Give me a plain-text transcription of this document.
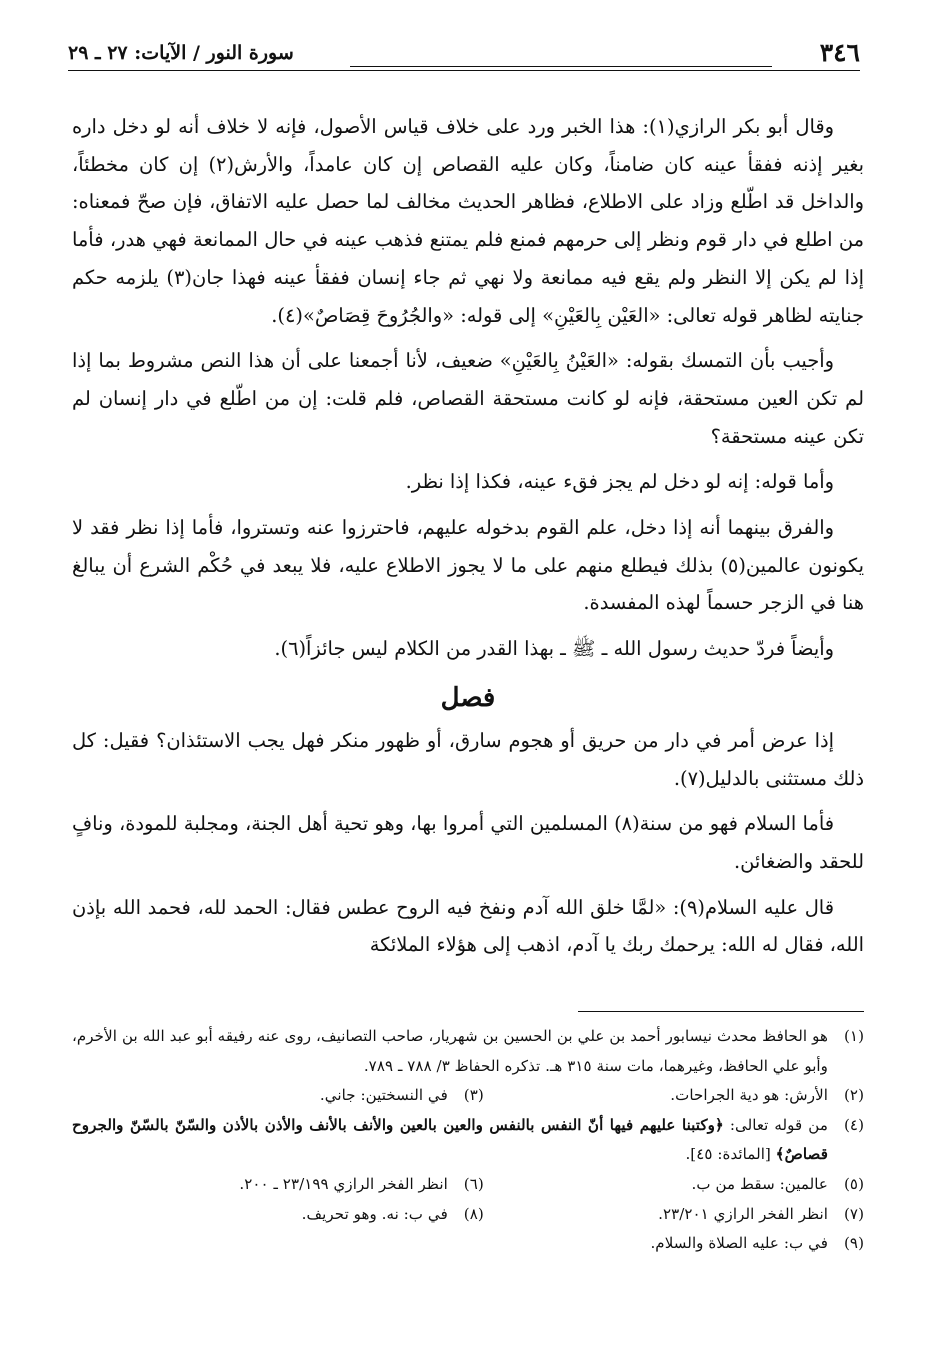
٣٤٦
سورة النور / الآيات: ٢٧ ـ ٢٩

وقال أبو بكر الرازي(١): هذا الخبر ورد على خلاف قياس الأصول، فإنه لا خلاف أنه لو دخل داره بغير إذنه ففقأ عينه كان ضامناً، وكان عليه القصاص إن كان عامداً، والأرش(٢) إن كان مخطئاً، والداخل قد اطّلع وزاد على الاطلاع، فظاهر الحديث مخالف لما حصل عليه الاتفاق، فإن صحّ فمعناه: من اطلع في دار قوم ونظر إلى حرمهم فمنع فلم يمتنع فذهب عينه في حال الممانعة فهي هدر، فأما إذا لم يكن إلا النظر ولم يقع فيه ممانعة ولا نهي ثم جاء إنسان ففقأ عينه فهذا جان(٣) يلزمه حكم جنايته لظاهر قوله تعالى: «العَيْن بِالعَيْنِ» إلى قوله: «والجُرُوحَ قِصَاصٌ»(٤).

وأجيب بأن التمسك بقوله: «العَيْنُ بِالعَيْنِ» ضعيف، لأنا أجمعنا على أن هذا النص مشروط بما إذا لم تكن العين مستحقة، فإنه لو كانت مستحقة القصاص، فلم قلت: إن من اطّلع في دار إنسان لم تكن عينه مستحقة؟

وأما قوله: إنه لو دخل لم يجز فقء عينه، فكذا إذا نظر.

والفرق بينهما أنه إذا دخل، علم القوم بدخوله عليهم، فاحترزوا عنه وتستروا، فأما إذا نظر فقد لا يكونون عالمين(٥) بذلك فيطلع منهم على ما لا يجوز الاطلاع عليه، فلا يبعد في حُكْم الشرع أن يبالغ هنا في الزجر حسماً لهذه المفسدة.

وأيضاً فردّ حديث رسول الله ـ ﷺ ـ بهذا القدر من الكلام ليس جائزاً(٦).

فصل

إذا عرض أمر في دار من حريق أو هجوم سارق، أو ظهور منكر فهل يجب الاستئذان؟ فقيل: كل ذلك مستثنى بالدليل(٧).

فأما السلام فهو من سنة(٨) المسلمين التي أمروا بها، وهو تحية أهل الجنة، ومجلبة للمودة، ونافٍ للحقد والضغائن.

قال عليه السلام(٩): «لمَّا خلق الله آدم ونفخ فيه الروح عطس فقال: الحمد لله، فحمد الله بإذن الله، فقال له الله: يرحمك ربك يا آدم، اذهب إلى هؤلاء الملائكة

(١)
هو الحافظ محدث نيسابور أحمد بن علي بن الحسين بن شهريار، صاحب التصانيف، روى عنه رفيقه أبو عبد الله بن الأخرم، وأبو علي الحافظ، وغيرهما، مات سنة ٣١٥ هـ. تذكره الحفاظ ٣/ ٧٨٨ ـ ٧٨٩.
(٢)
الأرش: هو دية الجراحات.
(٣)
في النسختين: جاني.
(٤)
من قوله تعالى: ﴿وكتبنا عليهم فيها أنّ النفس بالنفس والعين بالعين والأنف بالأنف والأذن بالأذن والسّنّ بالسّنّ والجروح قصاصٌ﴾ [المائدة: ٤٥].
(٥)
عالمين: سقط من ب.
(٦)
انظر الفخر الرازي ٢٣/١٩٩ ـ ٢٠٠.
(٧)
انظر الفخر الرازي ٢٣/٢٠١.
(٨)
في ب: نه. وهو تحريف.
(٩)
في ب: عليه الصلاة والسلام.
